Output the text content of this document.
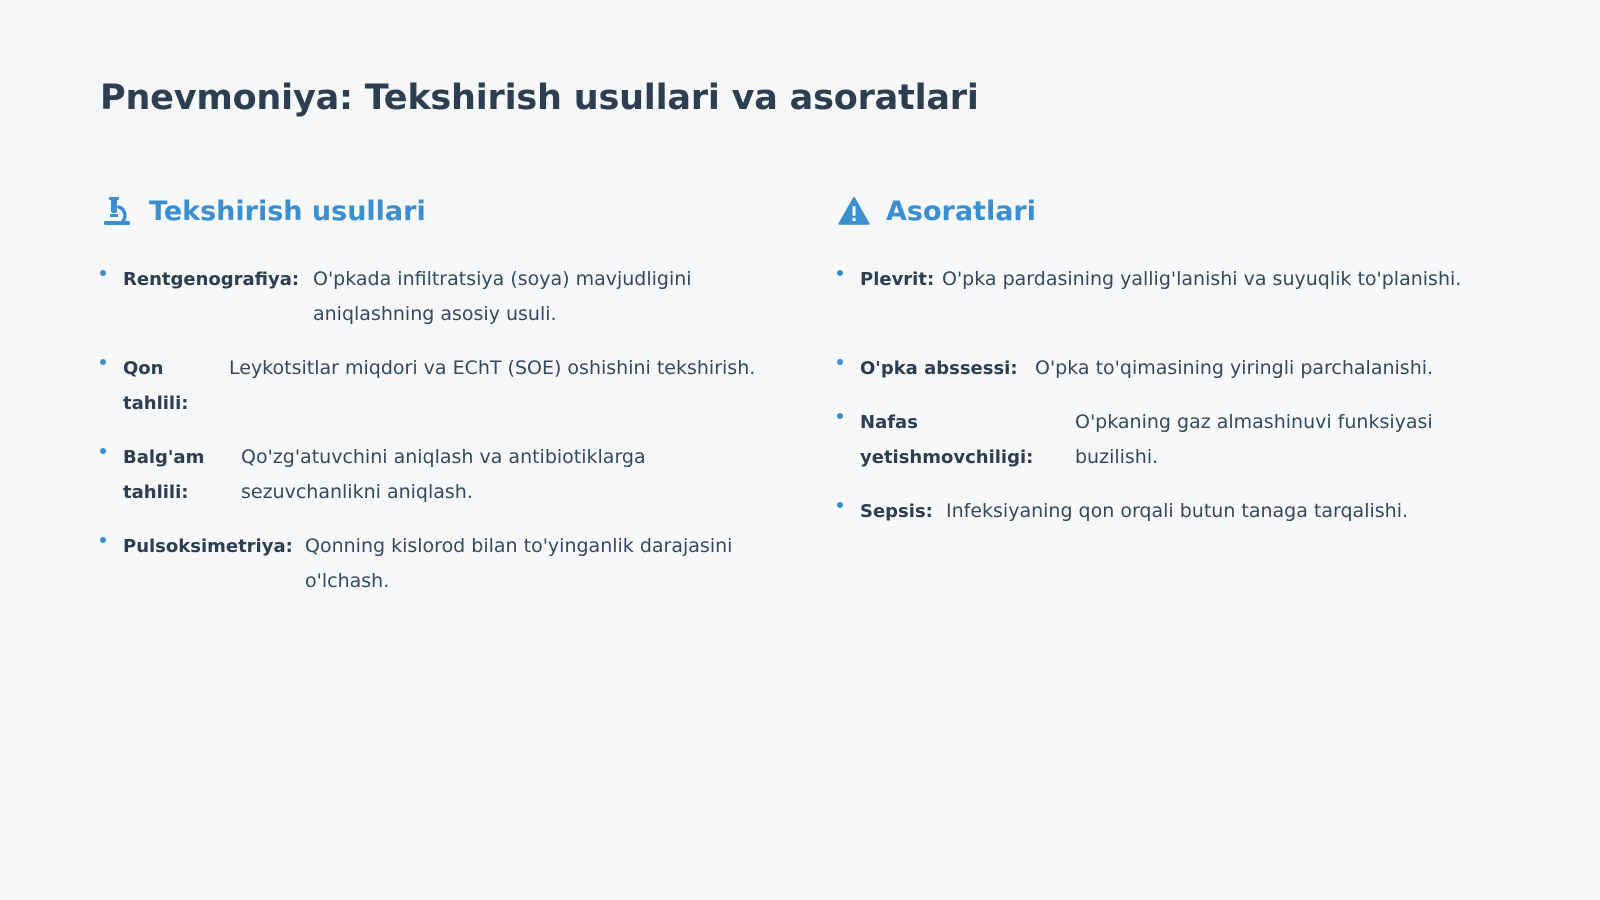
Pnevmoniya: Tekshirish usullari va asoratlari
Tekshirish usullari
Rentgenografiya: O'pkada infiltratsiya (soya) mavjudligini aniqlashning asosiy usuli.
Qon tahlili:
Leykotsitlar miqdori va EChT (SOE) oshishini tekshirish.
Balg'am tahlili:
Qo'zg'atuvchini aniqlash va antibiotiklarga sezuvchanlikni aniqlash.
Pulsoksimetriya: Qonning kislorod bilan to'yinganlik darajasini o'lchash.
Asoratlari
Plevrit: O'pka pardasining yallig'lanishi va suyuqlik to'planishi.
O'pka abssessi: O'pka to'qimasining yiringli parchalanishi.
Nafas yetishmovchiligi:
O'pkaning gaz almashinuvi funksiyasi buzilishi.
Sepsis: Infeksiyaning qon orqali butun tanaga tarqalishi.
